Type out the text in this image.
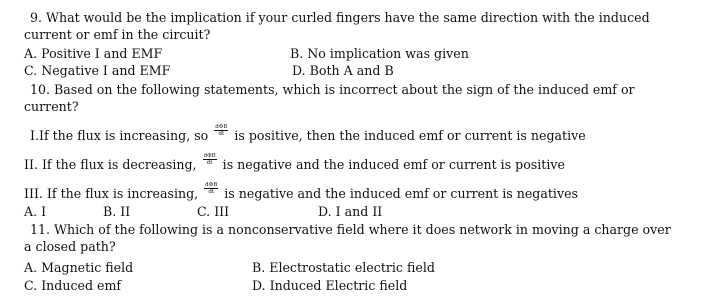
9. What would be the implication if your curled fingers have the same direction with the induced
current or emf in the circuit?
A. Positive I and EMF	B. No implication was given
C. Negative I and EMF	D. Both A and B
10. Based on the following statements, which is incorrect about the sign of the induced emf or
current?
I.If the flux is increasing, so $\frac{\text{dΦB}}{dt}$ is positive, then the induced emf or current is negative
II. If the flux is decreasing, $\frac{\text{dΦB}}{dt}$ is negative and the induced emf or current is positive
III. If the flux is increasing, $\frac{\text{dΦB}}{dt}$ is negative and the induced emf or current is negatives
A. I	B. II	C. III	D. I and II
11. Which of the following is a nonconservative field where it does network in moving a charge over
a closed path?
A. Magnetic field	B. Electrostatic electric field
C. Induced emf	D. Induced Electric field
